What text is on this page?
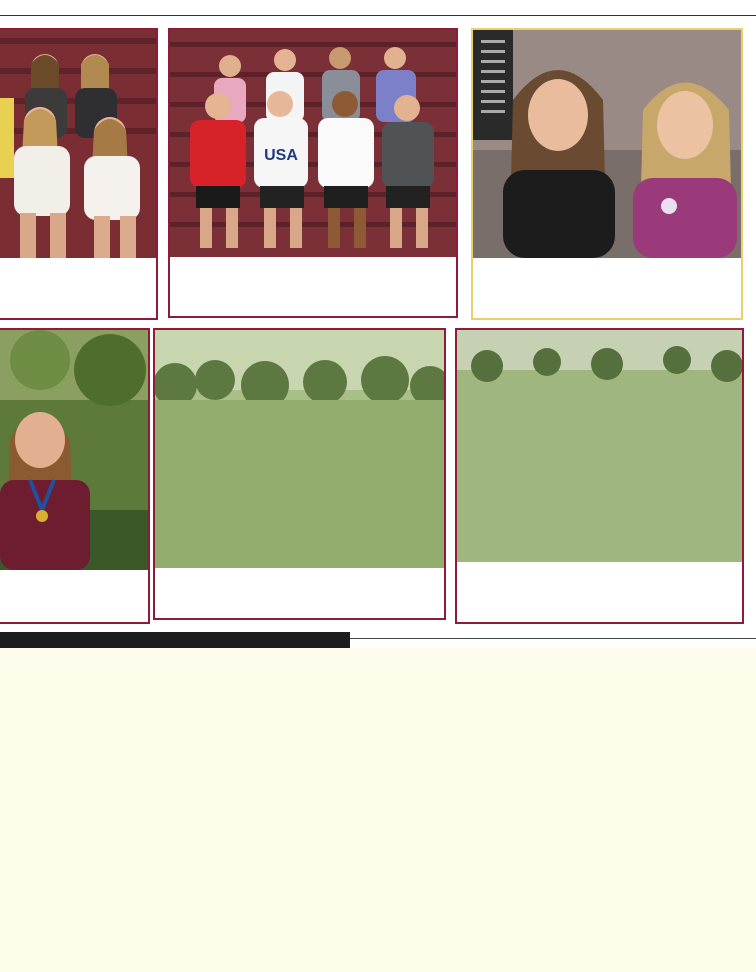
USA
